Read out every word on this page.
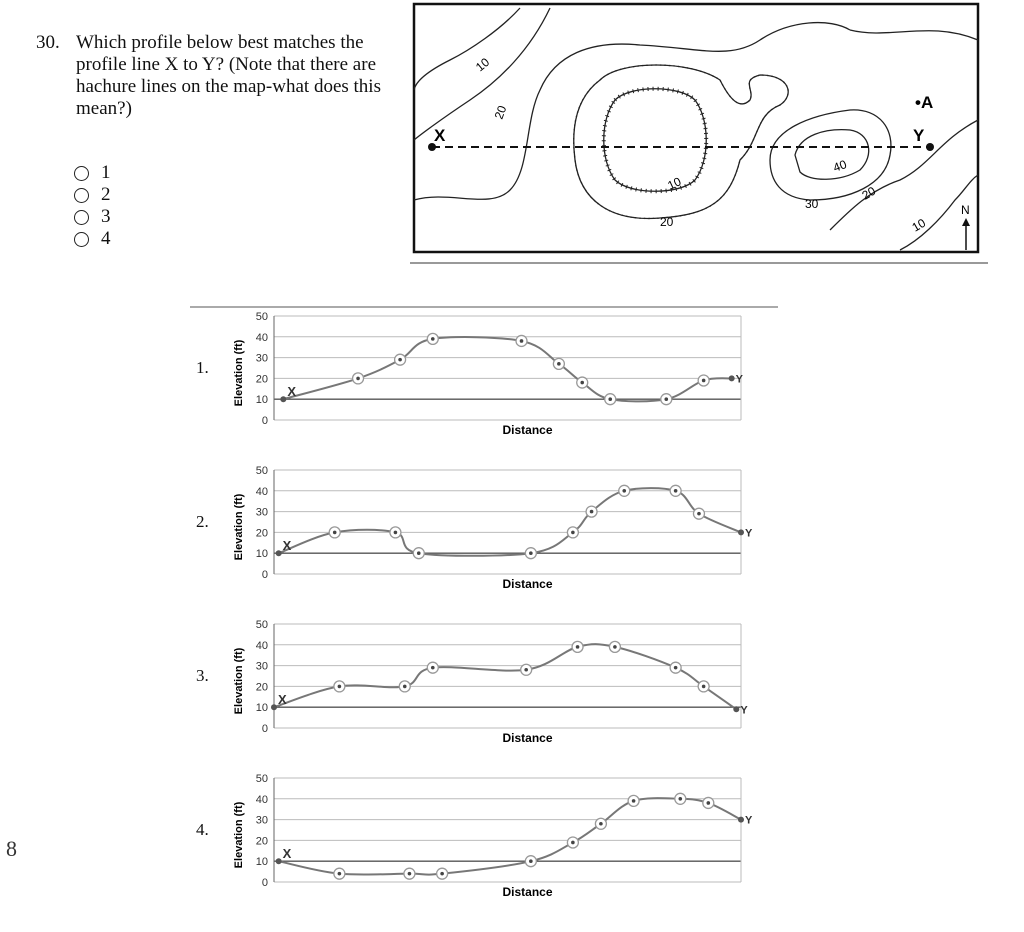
30. Which profile below best matches the profile line X to Y? (Note that there are hachure lines on the map-what does this mean?)
1
2
3
4
X	Y
•A
10
20
10
20
40
30
20
10
N
1. Elevation (ft)
50
40
30
20
10
0
Distance
X
Y
2. Elevation (ft)
50
40
30
20
10
0
Distance
X
Y
3. Elevation (ft)
50
40
30
20
10
0
Distance
X
Y
4. Elevation (ft)
50
40
30
20
10
0
Distance
X
Y
8
